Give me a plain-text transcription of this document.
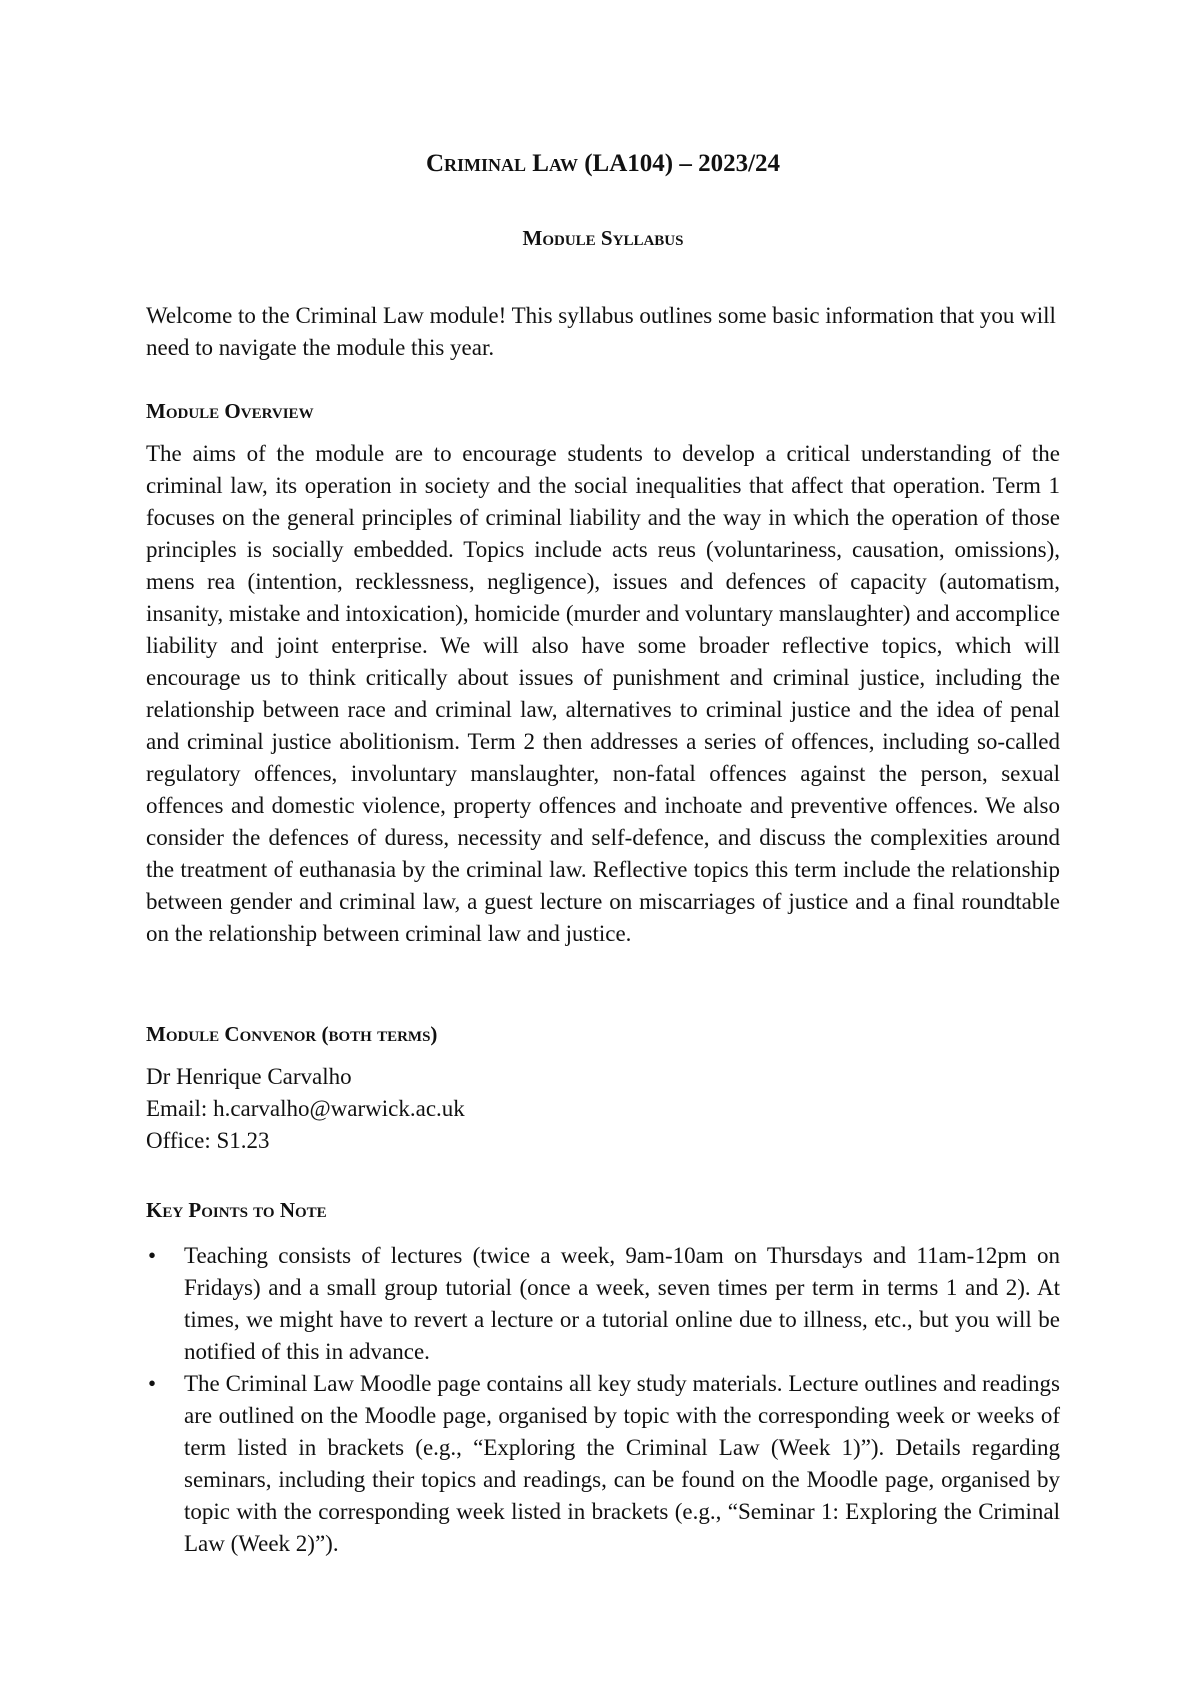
Criminal Law (LA104) – 2023/24
Module Syllabus

Welcome to the Criminal Law module! This syllabus outlines some basic information that you will need to navigate the module this year.

Module Overview

The aims of the module are to encourage students to develop a critical understanding of the criminal law, its operation in society and the social inequalities that affect that operation. Term 1 focuses on the general principles of criminal liability and the way in which the operation of those principles is socially embedded. Topics include acts reus (voluntariness, causation, omissions), mens rea (intention, recklessness, negligence), issues and defences of capacity (automatism, insanity, mistake and intoxication), homicide (murder and voluntary manslaughter) and accomplice liability and joint enterprise. We will also have some broader reflective topics, which will encourage us to think critically about issues of punishment and criminal justice, including the relationship between race and criminal law, alternatives to criminal justice and the idea of penal and criminal justice abolitionism. Term 2 then addresses a series of offences, including so-called regulatory offences, involuntary manslaughter, non-fatal offences against the person, sexual offences and domestic violence, property offences and inchoate and preventive offences. We also consider the defences of duress, necessity and self-defence, and discuss the complexities around the treatment of euthanasia by the criminal law. Reflective topics this term include the relationship between gender and criminal law, a guest lecture on miscarriages of justice and a final roundtable on the relationship between criminal law and justice.

Module Convenor (both terms)
Dr Henrique Carvalho
Email: h.carvalho@warwick.ac.uk
Office: S1.23
Key Points to Note
•	Teaching consists of lectures (twice a week, 9am-10am on Thursdays and 11am-12pm on Fridays) and a small group tutorial (once a week, seven times per term in terms 1 and 2). At times, we might have to revert a lecture or a tutorial online due to illness, etc., but you will be notified of this in advance.
•	The Criminal Law Moodle page contains all key study materials. Lecture outlines and readings are outlined on the Moodle page, organised by topic with the corresponding week or weeks of term listed in brackets (e.g., “Exploring the Criminal Law (Week 1)”). Details regarding seminars, including their topics and readings, can be found on the Moodle page, organised by topic with the corresponding week listed in brackets (e.g., “Seminar 1: Exploring the Criminal Law (Week 2)”).
